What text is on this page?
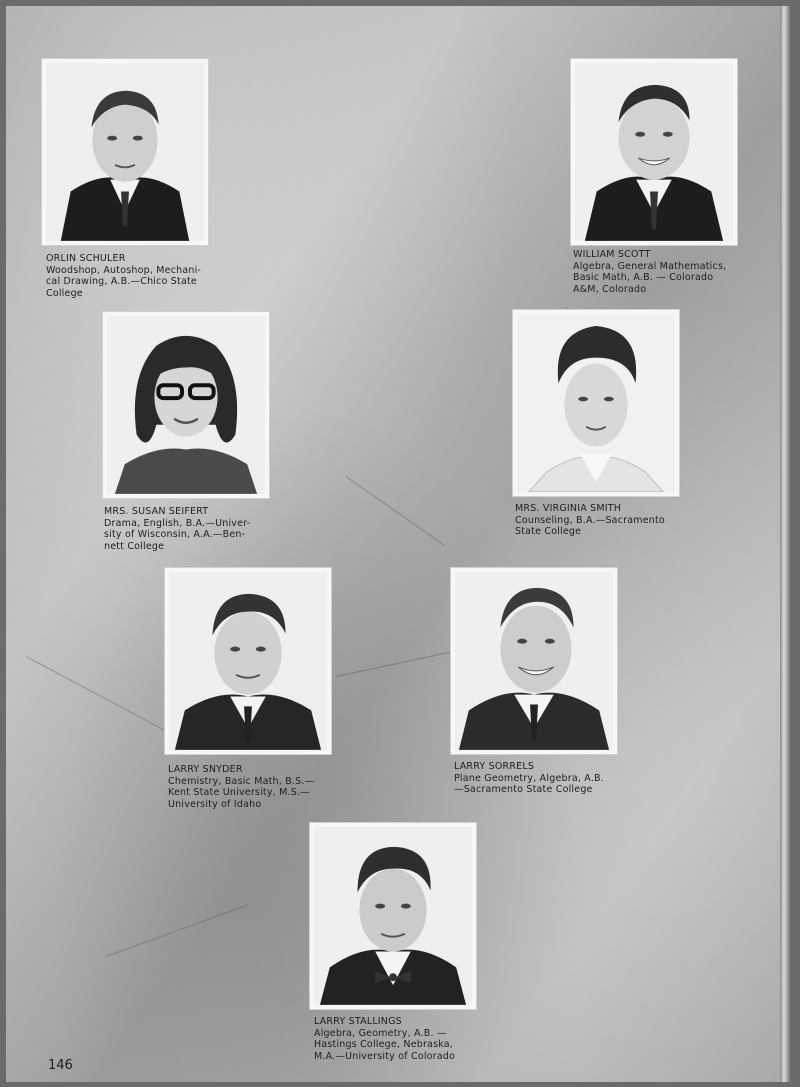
ORLIN SCHULER
Woodshop, Autoshop, Mechani-
cal Drawing, A.B.—Chico State
College
WILLIAM SCOTT
Algebra, General Mathematics,
Basic Math, A.B. — Colorado
A&M, Colorado
MRS. SUSAN SEIFERT
Drama, English, B.A.—Univer-
sity of Wisconsin, A.A.—Ben-
nett College
MRS. VIRGINIA SMITH
Counseling, B.A.—Sacramento
State College
LARRY SNYDER
Chemistry, Basic Math, B.S.—
Kent State University, M.S.—
University of Idaho
LARRY SORRELS
Plane Geometry, Algebra, A.B.
—Sacramento State College
LARRY STALLINGS
Algebra, Geometry, A.B. —
Hastings College, Nebraska,
M.A.—University of Colorado
146
